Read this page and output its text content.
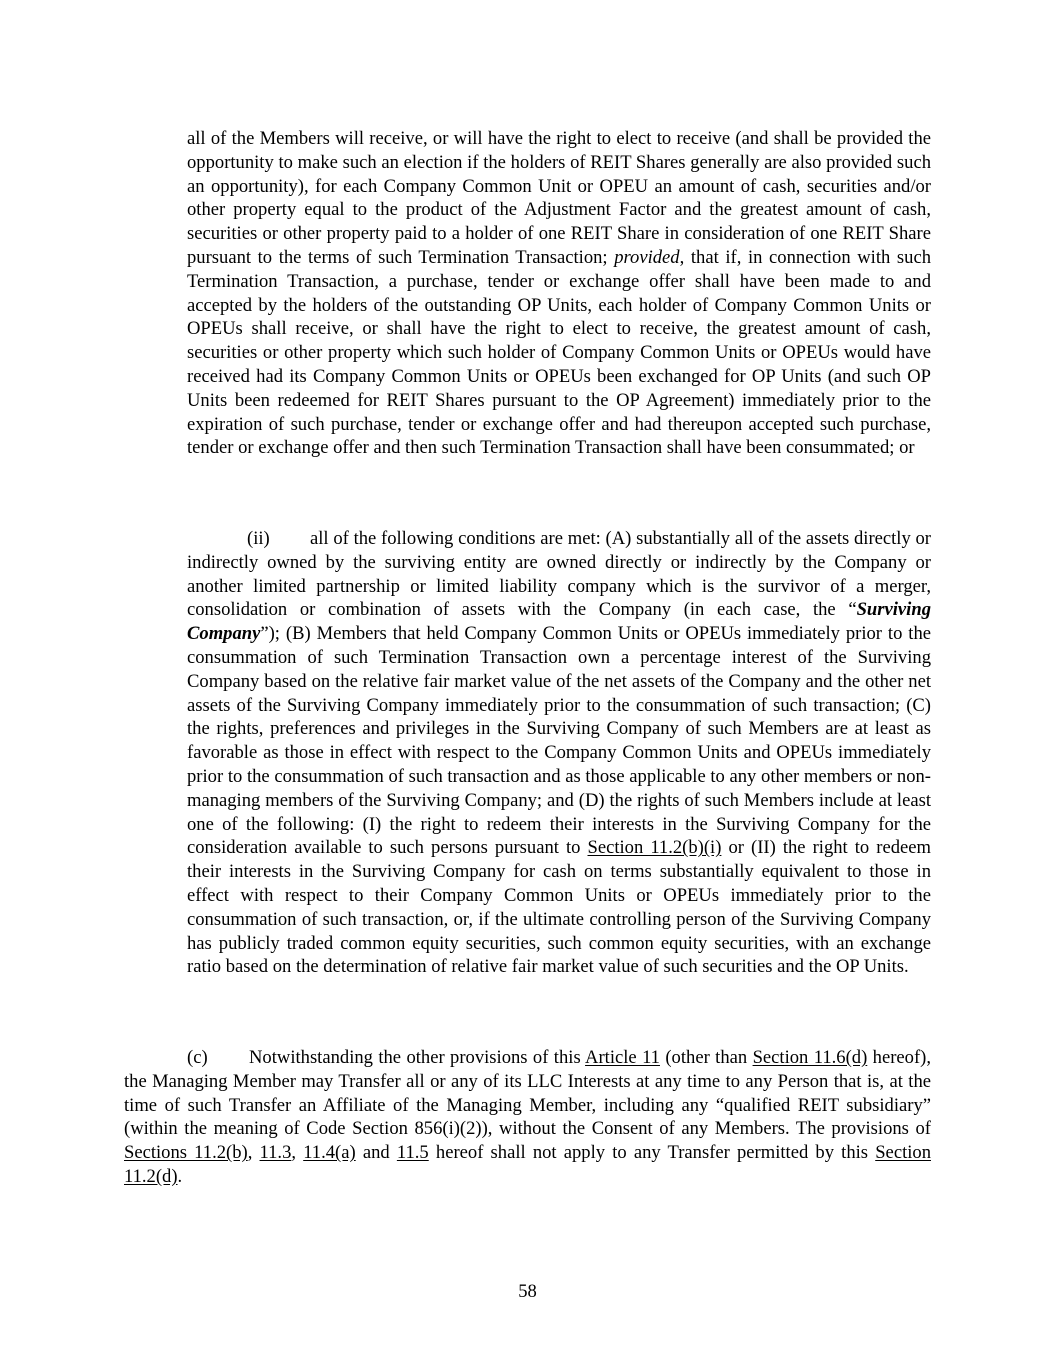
all of the Members will receive, or will have the right to elect to receive (and shall be provided the opportunity to make such an election if the holders of REIT Shares generally are also provided such an opportunity), for each Company Common Unit or OPEU an amount of cash, securities and/or other property equal to the product of the Adjustment Factor and the greatest amount of cash, securities or other property paid to a holder of one REIT Share in consideration of one REIT Share pursuant to the terms of such Termination Transaction; provided, that if, in connection with such Termination Transaction, a purchase, tender or exchange offer shall have been made to and accepted by the holders of the outstanding OP Units, each holder of Company Common Units or OPEUs shall receive, or shall have the right to elect to receive, the greatest amount of cash, securities or other property which such holder of Company Common Units or OPEUs would have received had its Company Common Units or OPEUs been exchanged for OP Units (and such OP Units been redeemed for REIT Shares pursuant to the OP Agreement) immediately prior to the expiration of such purchase, tender or exchange offer and had thereupon accepted such purchase, tender or exchange offer and then such Termination Transaction shall have been consummated; or

(ii) all of the following conditions are met: (A) substantially all of the assets directly or indirectly owned by the surviving entity are owned directly or indirectly by the Company or another limited partnership or limited liability company which is the survivor of a merger, consolidation or combination of assets with the Company (in each case, the “Surviving Company”); (B) Members that held Company Common Units or OPEUs immediately prior to the consummation of such Termination Transaction own a percentage interest of the Surviving Company based on the relative fair market value of the net assets of the Company and the other net assets of the Surviving Company immediately prior to the consummation of such transaction; (C) the rights, preferences and privileges in the Surviving Company of such Members are at least as favorable as those in effect with respect to the Company Common Units and OPEUs immediately prior to the consummation of such transaction and as those applicable to any other members or non-managing members of the Surviving Company; and (D) the rights of such Members include at least one of the following: (I) the right to redeem their interests in the Surviving Company for the consideration available to such persons pursuant to Section 11.2(b)(i) or (II) the right to redeem their interests in the Surviving Company for cash on terms substantially equivalent to those in effect with respect to their Company Common Units or OPEUs immediately prior to the consummation of such transaction, or, if the ultimate controlling person of the Surviving Company has publicly traded common equity securities, such common equity securities, with an exchange ratio based on the determination of relative fair market value of such securities and the OP Units.

(c) Notwithstanding the other provisions of this Article 11 (other than Section 11.6(d) hereof), the Managing Member may Transfer all or any of its LLC Interests at any time to any Person that is, at the time of such Transfer an Affiliate of the Managing Member, including any “qualified REIT subsidiary” (within the meaning of Code Section 856(i)(2)), without the Consent of any Members. The provisions of Sections 11.2(b), 11.3, 11.4(a) and 11.5 hereof shall not apply to any Transfer permitted by this Section 11.2(d).

58
